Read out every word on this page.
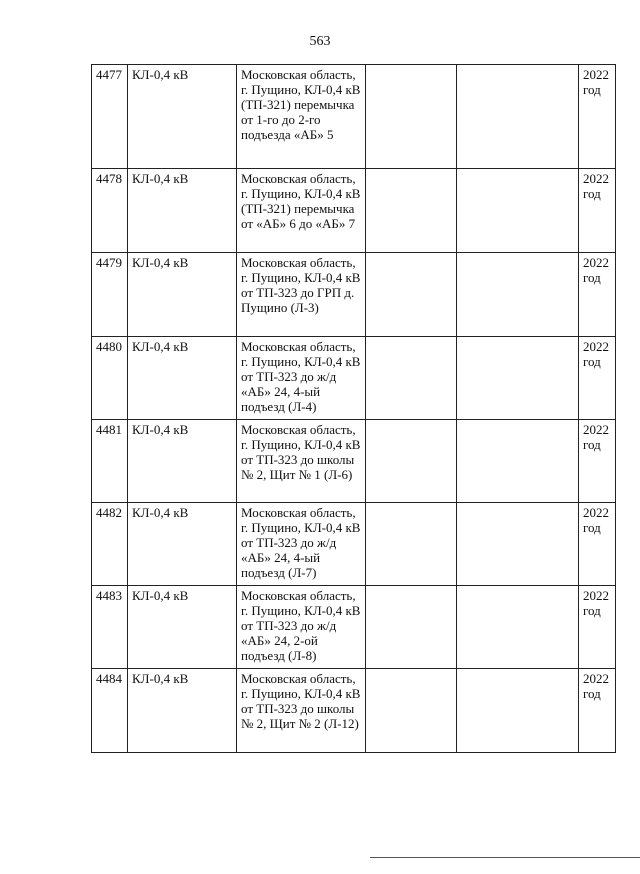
563
4477	КЛ-0,4 кВ	Московская область, г. Пущино, КЛ-0,4 кВ (ТП-321) перемычка от 1-го до 2-го подъезда «АБ» 5			2022 год
4478	КЛ-0,4 кВ	Московская область, г. Пущино, КЛ-0,4 кВ (ТП-321) перемычка от «АБ» 6 до «АБ» 7			2022 год
4479	КЛ-0,4 кВ	Московская область, г. Пущино, КЛ-0,4 кВ от ТП-323 до ГРП д. Пущино (Л-3)			2022 год
4480	КЛ-0,4 кВ	Московская область, г. Пущино, КЛ-0,4 кВ от ТП-323 до ж/д «АБ» 24, 4-ый подъезд (Л-4)			2022 год
4481	КЛ-0,4 кВ	Московская область, г. Пущино, КЛ-0,4 кВ от ТП-323 до школы № 2, Щит № 1 (Л-6)			2022 год
4482	КЛ-0,4 кВ	Московская область, г. Пущино, КЛ-0,4 кВ от ТП-323 до ж/д «АБ» 24, 4-ый подъезд (Л-7)			2022 год
4483	КЛ-0,4 кВ	Московская область, г. Пущино, КЛ-0,4 кВ от ТП-323 до ж/д «АБ» 24, 2-ой подъезд (Л-8)			2022 год
4484	КЛ-0,4 кВ	Московская область, г. Пущино, КЛ-0,4 кВ от ТП-323 до школы № 2, Щит № 2 (Л-12)			2022 год
